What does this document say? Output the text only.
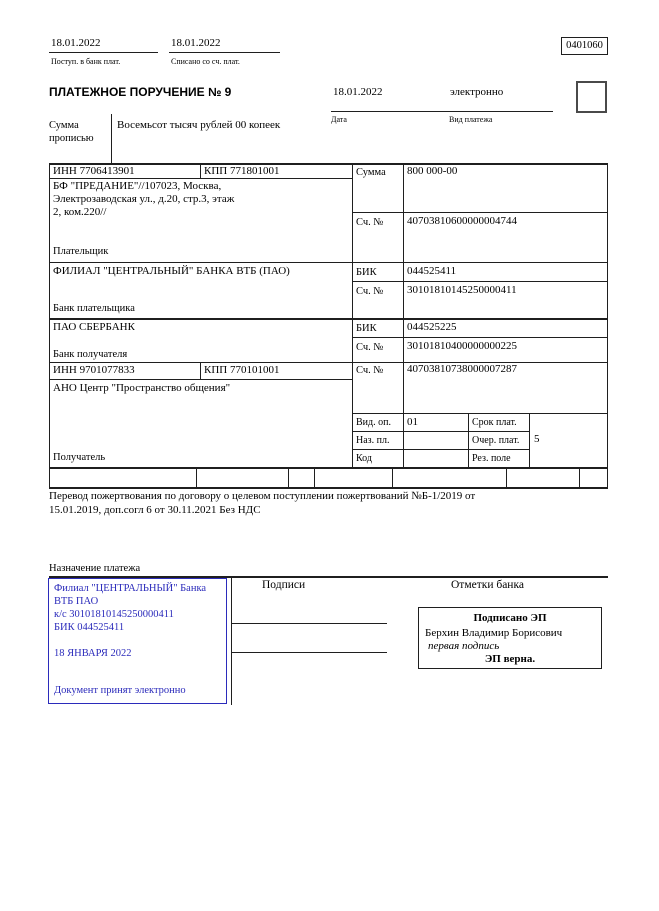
18.01.2022
Поступ. в банк плат.
18.01.2022
Списано со сч. плат.
0401060
ПЛАТЕЖНОЕ ПОРУЧЕНИЕ № 9	18.01.2022
Дата
электронно
Вид платежа
Сумма
прописью
Восемьсот тысяч рублей 00 копеек
ИНН 7706413901	КПП 771801001
БФ "ПРЕДАНИЕ"//107023, Москва,
Электрозаводская ул., д.20, стр.3, этаж
2, ком.220//
Плательщик
Сумма 800 000-00
Сч. № 40703810600000004744
ФИЛИАЛ "ЦЕНТРАЛЬНЫЙ" БАНКА ВТБ (ПАО)	БИК	044525411
Сч. № 30101810145250000411
Банк плательщика
ПАО СБЕРБАНК	БИК	044525225
Сч. № 30101810400000000225
Банк получателя
ИНН 9701077833	КПП 770101001	Сч. № 40703810738000007287
АНО Центр "Пространство общения"
Получатель
Вид. оп. 01	Срок плат.
Наз. пл.	Очер. плат. 5
Код	Рез. поле
Перевод пожертвования по договору о целевом поступлении пожертвований №Б-1/2019 от
15.01.2019, доп.согл 6 от 30.11.2021 Без НДС
Назначение платежа
Филиал "ЦЕНТРАЛЬНЫЙ" Банка
ВТБ ПАО
к/с 30101810145250000411
БИК 044525411
18 ЯНВАРЯ 2022
Документ принят электронно
Подписи	Отметки банка
Подписано ЭП
Берхин Владимир Борисович
первая подпись
ЭП верна.
